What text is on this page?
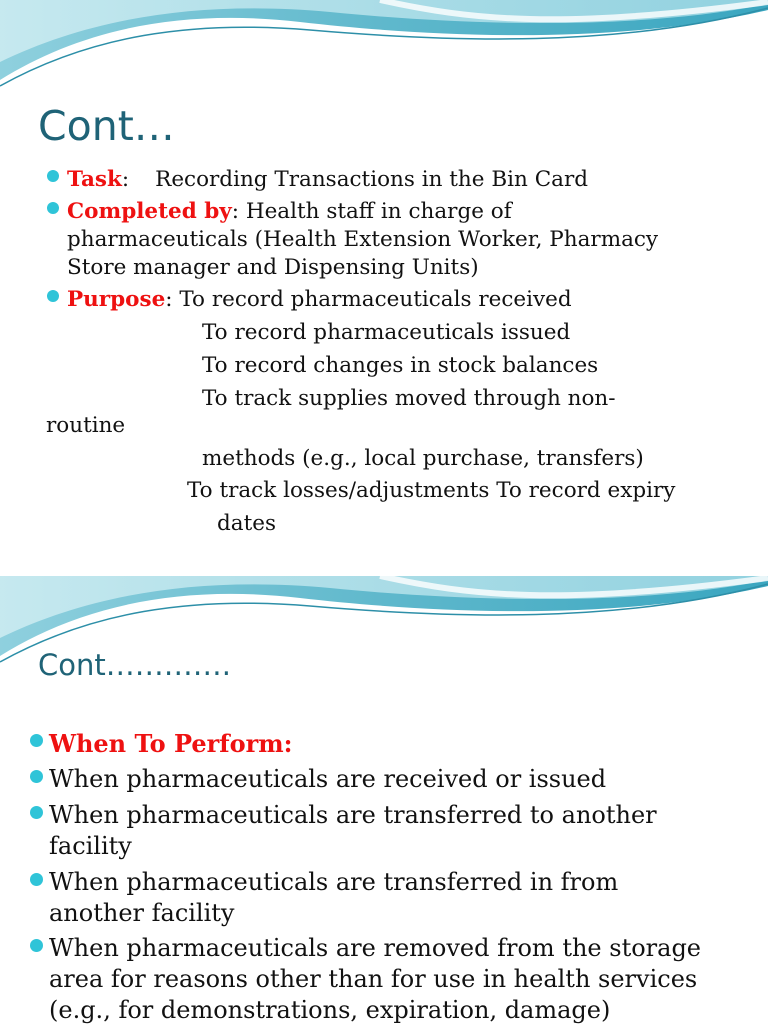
Cont…
Task: Recording Transactions in the Bin Card
Completed by: Health staff in charge of
pharmaceuticals (Health Extension Worker, Pharmacy
Store manager and Dispensing Units)
Purpose: To record pharmaceuticals received
To record pharmaceuticals issued
To record changes in stock balances
To track supplies moved through non-
routine
methods (e.g., local purchase, transfers)
To track losses/adjustments To record expiry
dates
Cont………….
When To Perform:
When pharmaceuticals are received or issued
When pharmaceuticals are transferred to another
facility
When pharmaceuticals are transferred in from
another facility
When pharmaceuticals are removed from the storage
area for reasons other than for use in health services
(e.g., for demonstrations, expiration, damage)
